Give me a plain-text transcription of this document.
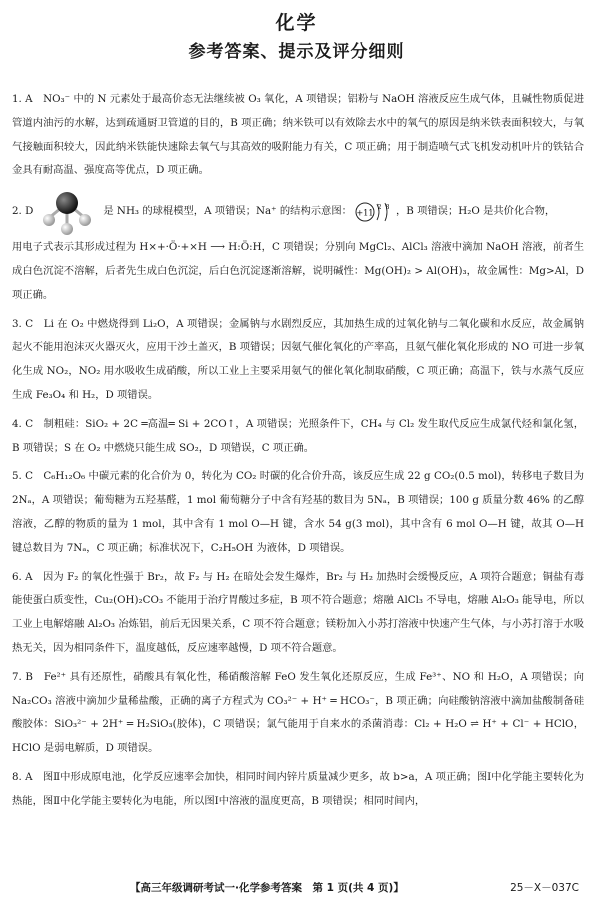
化学
参考答案、提示及评分细则

1. A　NO₃⁻ 中的 N 元素处于最高价态无法继续被 O₃ 氧化，A 项错误；铝粉与 NaOH 溶液反应生成气体，且碱性物质促进管道内油污的水解，达到疏通厨卫管道的目的，B 项正确；纳米铁可以有效除去水中的氧气的原因是纳米铁表面积较大，与氧气接触面积较大，因此纳米铁能快速除去氧气与其高效的吸附能力有关，C 项正确；用于制造喷气式飞机发动机叶片的铁钴合金具有耐高温、强度高等优点，D 项正确。

2. D	是 NH₃ 的球棍模型，A 项错误；Na⁺ 的结构示意图： +11
2 8 ，B 项错误；H₂O 是共价化合物，
用电子式表示其形成过程为 H×+·Ö·+×H ⟶ H:Ö:H，C 项错误；分别向 MgCl₂、AlCl₃ 溶液中滴加 NaOH 溶液，前者生成白色沉淀不溶解，后者先生成白色沉淀，后白色沉淀逐渐溶解，说明碱性：Mg(OH)₂ > Al(OH)₃，故金属性：Mg>Al，D 项正确。

3. C　Li 在 O₂ 中燃烧得到 Li₂O，A 项错误；金属钠与水剧烈反应，其加热生成的过氧化钠与二氧化碳和水反应，故金属钠起火不能用泡沫灭火器灭火，应用干沙土盖灭，B 项错误；因氨气催化氧化的产率高，且氨气催化氧化形成的 NO 可进一步氧化生成 NO₂，NO₂ 用水吸收生成硝酸，所以工业上主要采用氨气的催化氧化制取硝酸，C 项正确；高温下，铁与水蒸气反应生成 Fe₃O₄ 和 H₂，D 项错误。

4. C　制粗硅：SiO₂ + 2C ═高温═ Si + 2CO↑，A 项错误；光照条件下，CH₄ 与 Cl₂ 发生取代反应生成氯代烃和氯化氢，B 项错误；S 在 O₂ 中燃烧只能生成 SO₂，D 项错误，C 项正确。

5. C　C₆H₁₂O₆ 中碳元素的化合价为 0，转化为 CO₂ 时碳的化合价升高，该反应生成 22 g CO₂(0.5 mol)，转移电子数目为 2Nₐ，A 项错误；葡萄糖为五羟基醛，1 mol 葡萄糖分子中含有羟基的数目为 5Nₐ，B 项错误；100 g 质量分数 46% 的乙醇溶液，乙醇的物质的量为 1 mol，其中含有 1 mol O—H 键，含水 54 g(3 mol)，其中含有 6 mol O—H 键，故其 O—H 键总数目为 7Nₐ，C 项正确；标准状况下，C₂H₅OH 为液体，D 项错误。

6. A　因为 F₂ 的氧化性强于 Br₂，故 F₂ 与 H₂ 在暗处会发生爆炸，Br₂ 与 H₂ 加热时会缓慢反应，A 项符合题意；铜盐有毒能使蛋白质变性，Cu₂(OH)₂CO₃ 不能用于治疗胃酸过多症，B 项不符合题意；熔融 AlCl₃ 不导电，熔融 Al₂O₃ 能导电，所以工业上电解熔融 Al₂O₃ 冶炼铝，前后无因果关系，C 项不符合题意；镁粉加入小苏打溶液中快速产生气体，与小苏打溶于水吸热无关，因为相同条件下，温度越低，反应速率越慢，D 项不符合题意。

7. B　Fe²⁺ 具有还原性，硝酸具有氧化性，稀硝酸溶解 FeO 发生氧化还原反应，生成 Fe³⁺、NO 和 H₂O，A 项错误；向 Na₂CO₃ 溶液中滴加少量稀盐酸，正确的离子方程式为 CO₃²⁻ + H⁺ ═ HCO₃⁻，B 项正确；向硅酸钠溶液中滴加盐酸制备硅酸胶体：SiO₃²⁻ + 2H⁺ ═ H₂SiO₃(胶体)，C 项错误；氯气能用于自来水的杀菌消毒：Cl₂ + H₂O ⇌ H⁺ + Cl⁻ + HClO，HClO 是弱电解质，D 项错误。

8. A　图Ⅱ中形成原电池，化学反应速率会加快，相同时间内锌片质量减少更多，故 b>a，A 项正确；图Ⅰ中化学能主要转化为热能，图Ⅱ中化学能主要转化为电能，所以图Ⅰ中溶液的温度更高，B 项错误；相同时间内，

【高三年级调研考试一·化学参考答案　第 1 页(共 4 页)】	25－X－037C
